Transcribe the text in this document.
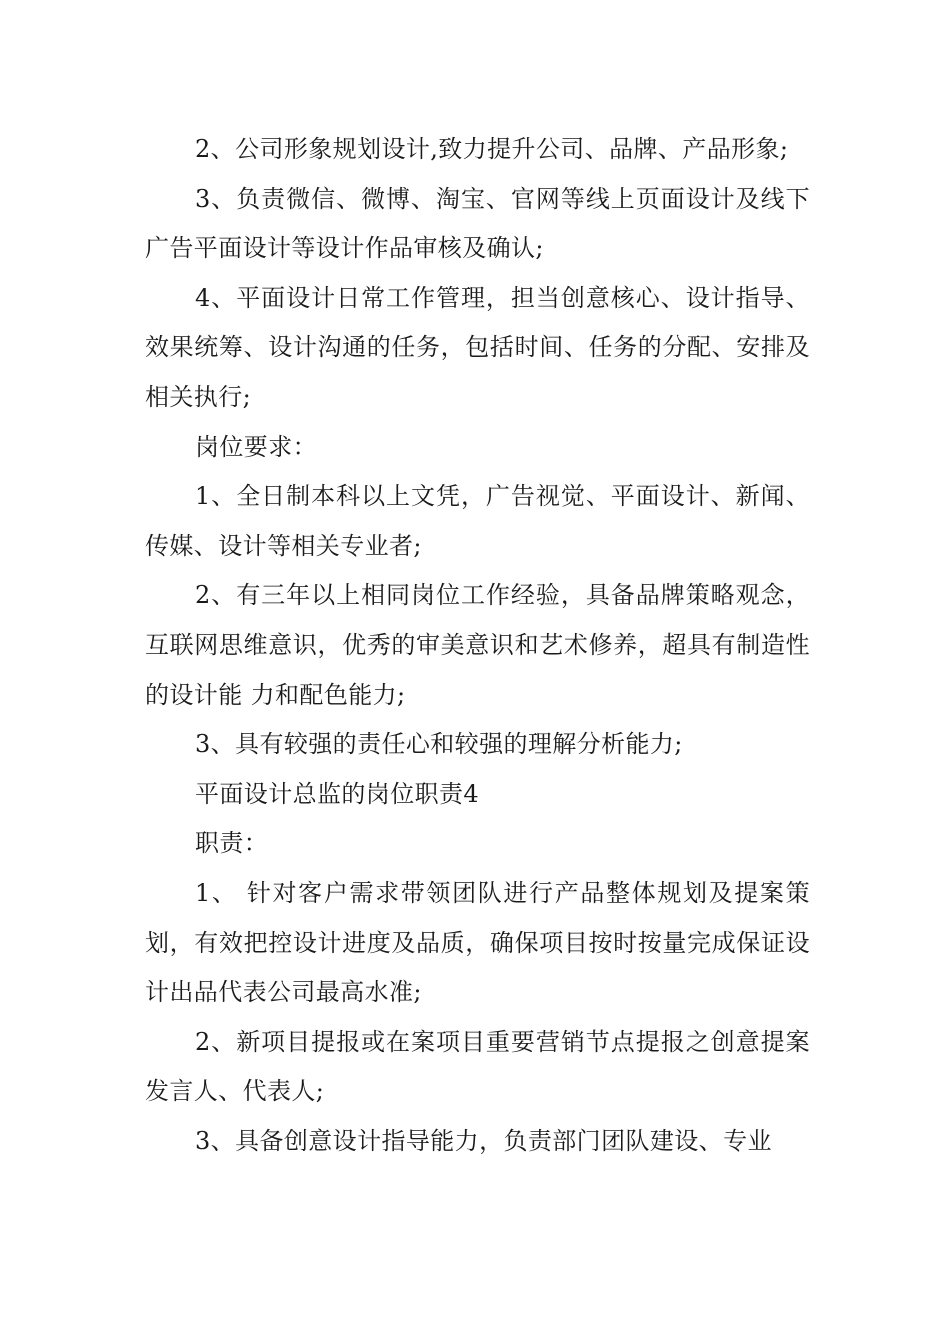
2、公司形象规划设计,致力提升公司、品牌、产品形象;

3、负责微信、微博、淘宝、官网等线上页面设计及线下广告平面设计等设计作品审核及确认;

4、平面设计日常工作管理，担当创意核心、设计指导、效果统筹、设计沟通的任务，包括时间、任务的分配、安排及相关执行;

岗位要求：

1、全日制本科以上文凭，广告视觉、平面设计、新闻、传媒、设计等相关专业者;

2、有三年以上相同岗位工作经验，具备品牌策略观念，互联网思维意识，优秀的审美意识和艺术修养，超具有制造性的设计能 力和配色能力;

3、具有较强的责任心和较强的理解分析能力;

平面设计总监的岗位职责4

职责：

1、 针对客户需求带领团队进行产品整体规划及提案策划，有效把控设计进度及品质，确保项目按时按量完成保证设计出品代表公司最高水准;

2、新项目提报或在案项目重要营销节点提报之创意提案发言人、代表人;

3、具备创意设计指导能力，负责部门团队建设、专业
